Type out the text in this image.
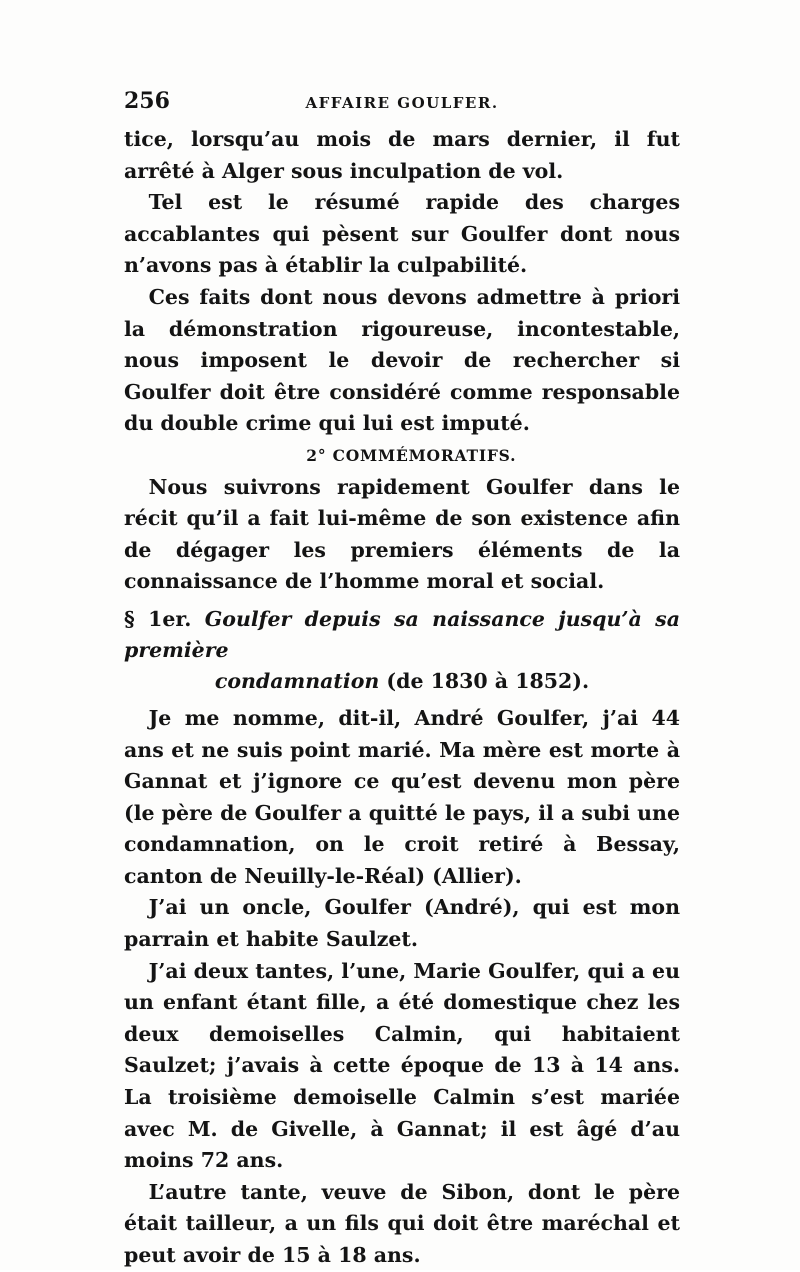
256	AFFAIRE GOULFER.

tice, lorsqu’au mois de mars dernier, il fut arrêté à Alger sous inculpation de vol.

Tel est le résumé rapide des charges accablantes qui pèsent sur Goulfer dont nous n’avons pas à établir la culpabilité.

Ces faits dont nous devons admettre à priori la démonstration rigoureuse, incontestable, nous imposent le devoir de rechercher si Goulfer doit être considéré comme responsable du double crime qui lui est imputé.

2° COMMÉMORATIFS.

Nous suivrons rapidement Goulfer dans le récit qu’il a fait lui-même de son existence afin de dégager les premiers éléments de la connaissance de l’homme moral et social.

§ 1er. Goulfer depuis sa naissance jusqu’à sa première
condamnation (de 1830 à 1852).

Je me nomme, dit-il, André Goulfer, j’ai 44 ans et ne suis point marié. Ma mère est morte à Gannat et j’ignore ce qu’est devenu mon père (le père de Goulfer a quitté le pays, il a subi une condamnation, on le croit retiré à Bessay, canton de Neuilly-le-Réal) (Allier).

J’ai un oncle, Goulfer (André), qui est mon parrain et habite Saulzet.

J’ai deux tantes, l’une, Marie Goulfer, qui a eu un enfant étant fille, a été domestique chez les deux demoiselles Calmin, qui habitaient Saulzet; j’avais à cette époque de 13 à 14 ans. La troisième demoiselle Calmin s’est mariée avec M. de Givelle, à Gannat; il est âgé d’au moins 72 ans.

L’autre tante, veuve de Sibon, dont le père était tailleur, a un fils qui doit être maréchal et peut avoir de 15 à 18 ans.
